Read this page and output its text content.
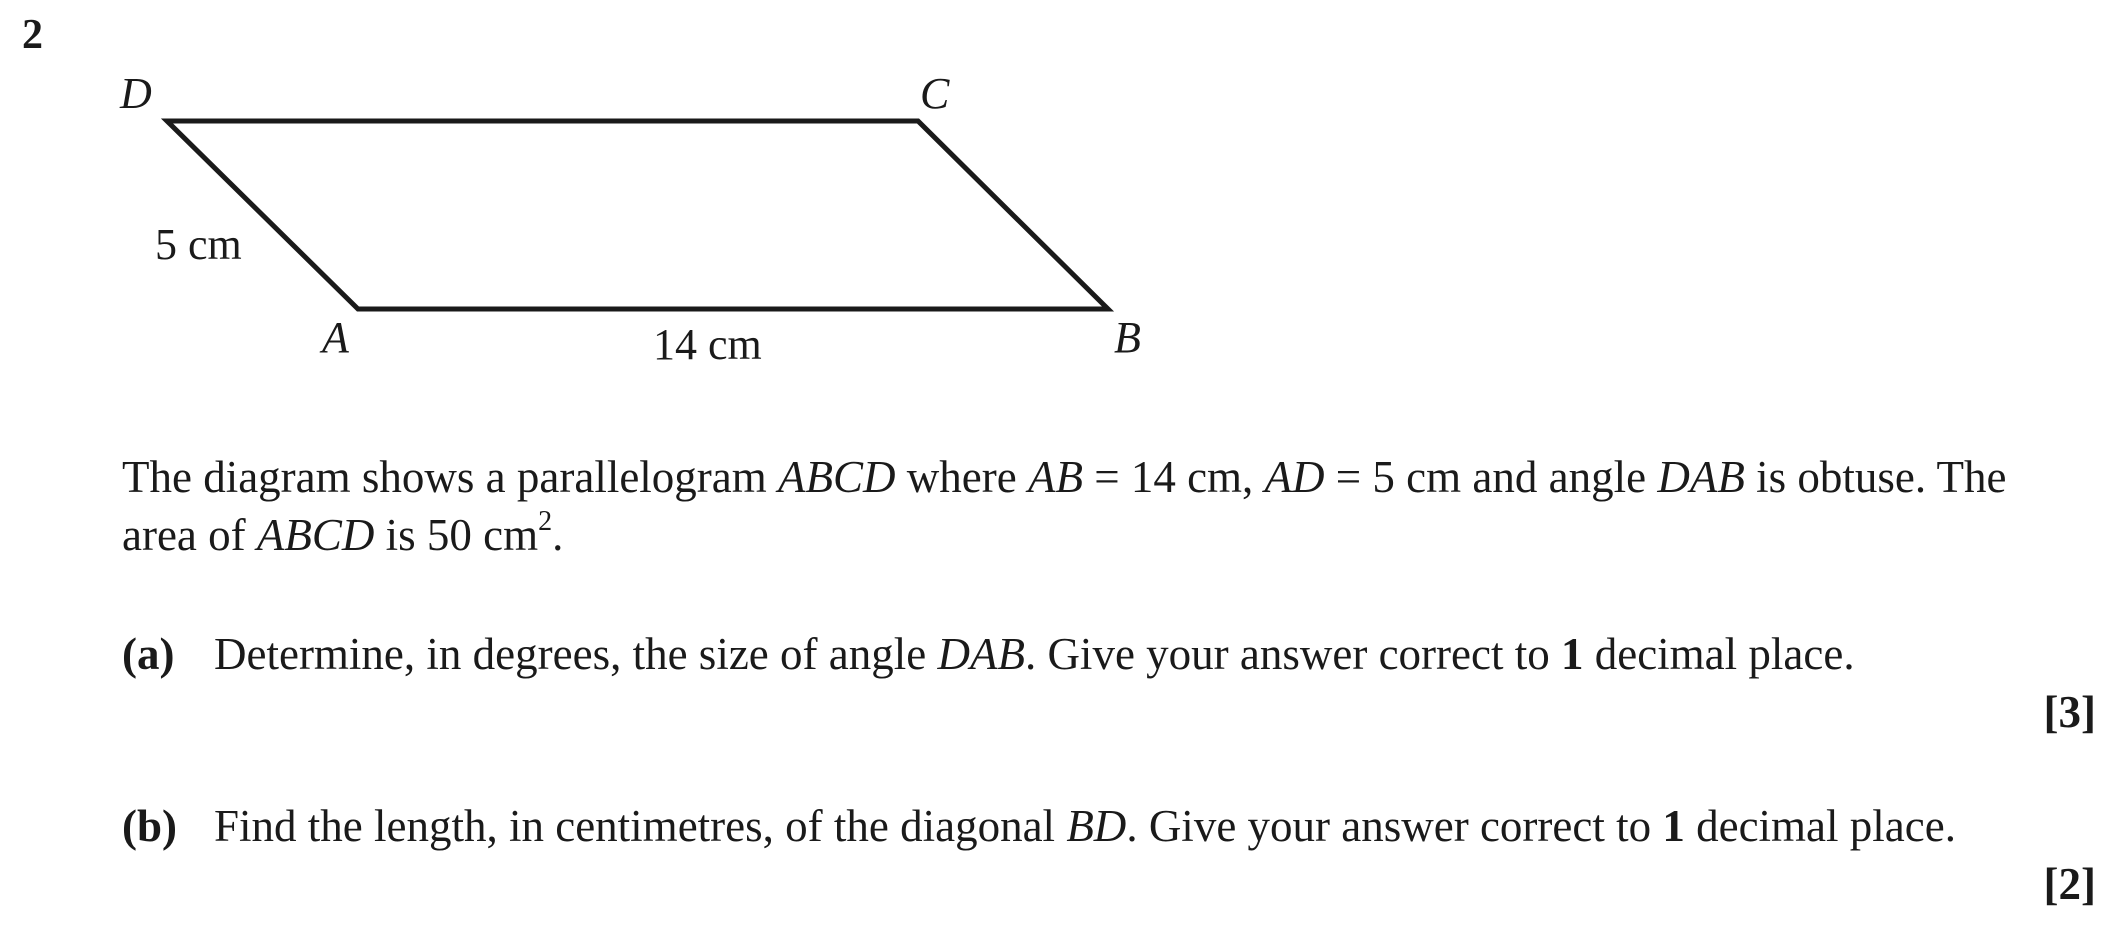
2
D	C
A	B
5 cm
14 cm
The diagram shows a parallelogram ABCD where AB = 14 cm, AD = 5 cm and angle DAB is obtuse. The area of ABCD is 50 $cm^2$.
(a) Determine, in degrees, the size of angle DAB. Give your answer correct to 1 decimal place.
[3]
(b) Find the length, in centimetres, of the diagonal BD. Give your answer correct to 1 decimal place.
[2]
